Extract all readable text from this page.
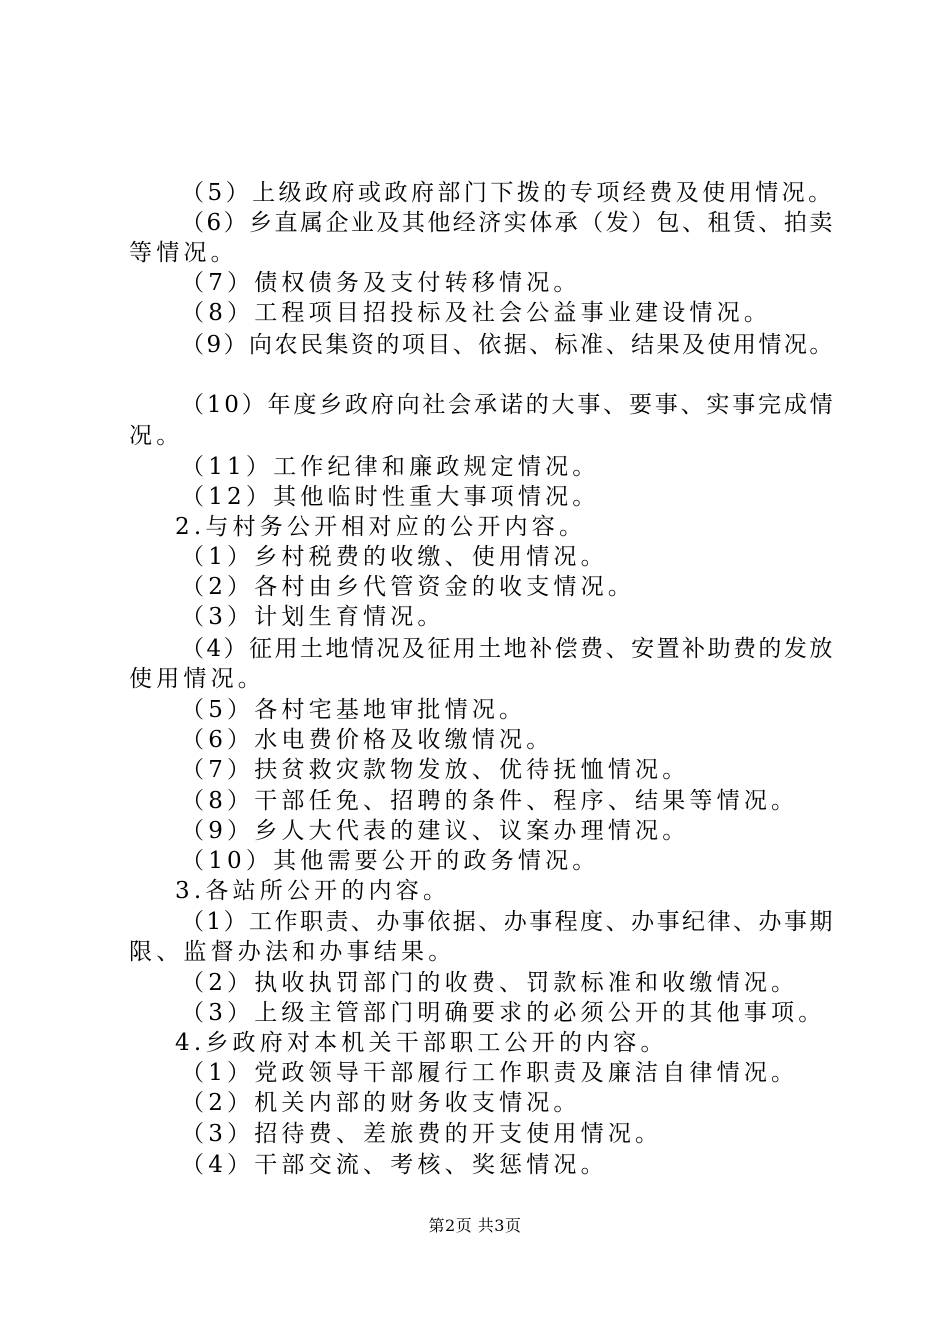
（5）上级政府或政府部门下拨的专项经费及使用情况。
（6）乡直属企业及其他经济实体承（发）包、租赁、拍卖
等情况。
（7）债权债务及支付转移情况。
（8）工程项目招投标及社会公益事业建设情况。
（9）向农民集资的项目、依据、标准、结果及使用情况。
（10）年度乡政府向社会承诺的大事、要事、实事完成情
况。
（11）工作纪律和廉政规定情况。
（12）其他临时性重大事项情况。
2.与村务公开相对应的公开内容。
（1）乡村税费的收缴、使用情况。
（2）各村由乡代管资金的收支情况。
（3）计划生育情况。
（4）征用土地情况及征用土地补偿费、安置补助费的发放
使用情况。
（5）各村宅基地审批情况。
（6）水电费价格及收缴情况。
（7）扶贫救灾款物发放、优待抚恤情况。
（8）干部任免、招聘的条件、程序、结果等情况。
（9）乡人大代表的建议、议案办理情况。
（10）其他需要公开的政务情况。
3.各站所公开的内容。
（1）工作职责、办事依据、办事程度、办事纪律、办事期
限、监督办法和办事结果。
（2）执收执罚部门的收费、罚款标准和收缴情况。
（3）上级主管部门明确要求的必须公开的其他事项。
4.乡政府对本机关干部职工公开的内容。
（1）党政领导干部履行工作职责及廉洁自律情况。
（2）机关内部的财务收支情况。
（3）招待费、差旅费的开支使用情况。
（4）干部交流、考核、奖惩情况。
第2页 共3页
